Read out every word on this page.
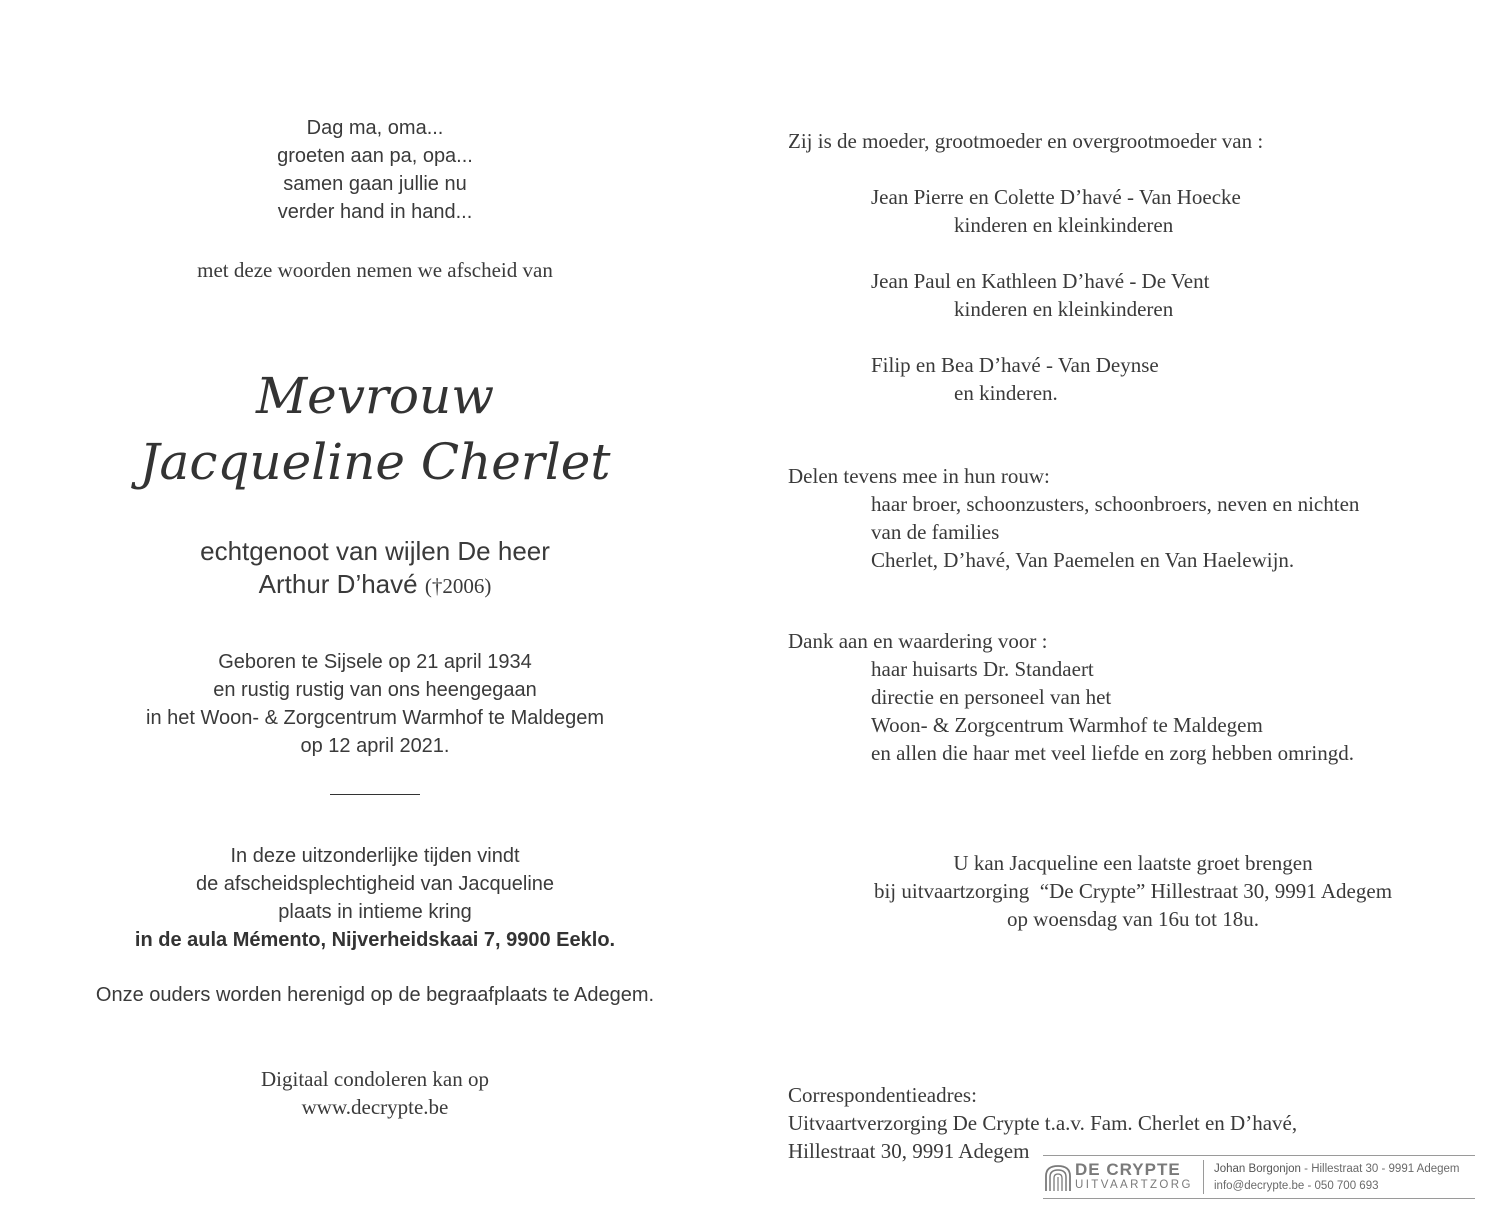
Dag ma, oma...
groeten aan pa, opa...
samen gaan jullie nu
verder hand in hand...
met deze woorden nemen we afscheid van
Mevrouw
Jacqueline Cherlet
echtgenoot van wijlen De heer
Arthur D’havé (†2006)
Geboren te Sijsele op 21 april 1934
en rustig rustig van ons heengegaan
in het Woon- & Zorgcentrum Warmhof te Maldegem
op 12 april 2021.
In deze uitzonderlijke tijden vindt
de afscheidsplechtigheid van Jacqueline
plaats in intieme kring
in de aula Mémento, Nijverheidskaai 7, 9900 Eeklo.
Onze ouders worden herenigd op de begraafplaats te Adegem.
Digitaal condoleren kan op
www.decrypte.be
Zij is de moeder, grootmoeder en overgrootmoeder van :
Jean Pierre en Colette D’havé - Van Hoecke
kinderen en kleinkinderen
Jean Paul en Kathleen D’havé - De Vent
kinderen en kleinkinderen
Filip en Bea D’havé - Van Deynse
en kinderen.
Delen tevens mee in hun rouw:
haar broer, schoonzusters, schoonbroers, neven en nichten
van de families
Cherlet, D’havé, Van Paemelen en Van Haelewijn.
Dank aan en waardering voor :
haar huisarts Dr. Standaert
directie en personeel van het
Woon- & Zorgcentrum Warmhof te Maldegem
en allen die haar met veel liefde en zorg hebben omringd.
U kan Jacqueline een laatste groet brengen
bij uitvaartzorging  “De Crypte” Hillestraat 30, 9991 Adegem
op woensdag van 16u tot 18u.
Correspondentieadres:
Uitvaartverzorging De Crypte t.a.v. Fam. Cherlet en D’havé,
Hillestraat 30, 9991 Adegem
DE CRYPTE
UITVAARTZORG
Johan Borgonjon - Hillestraat 30 - 9991 Adegem
info@decrypte.be - 050 700 693
